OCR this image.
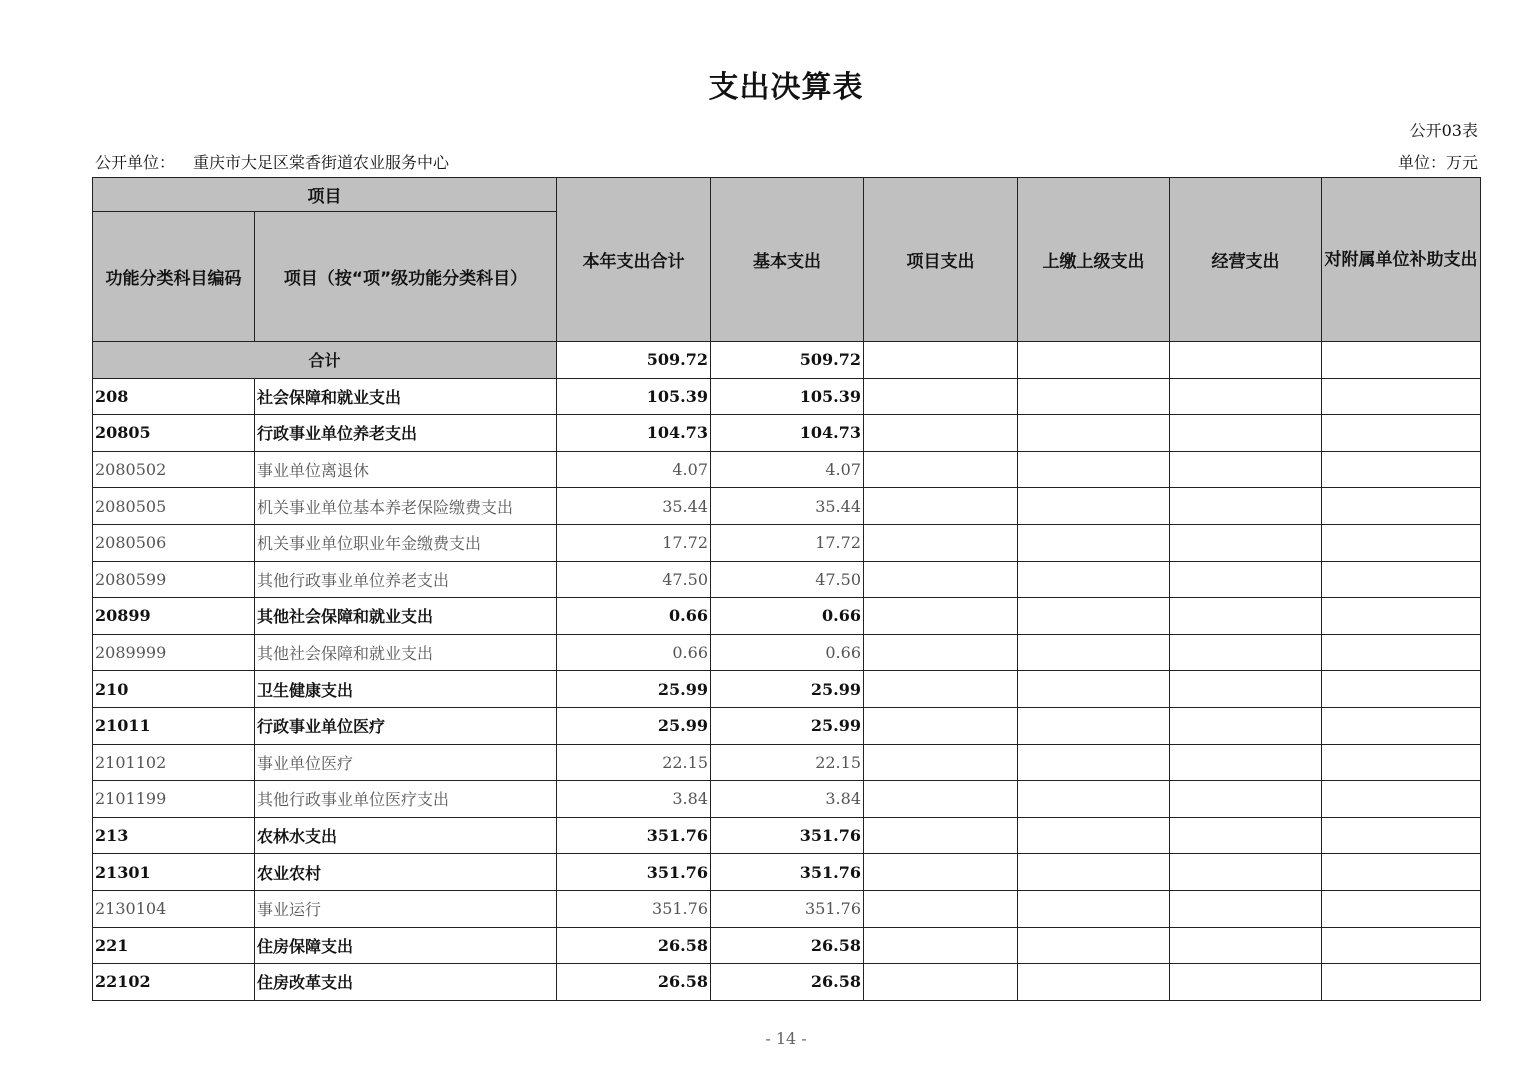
支出决算表
公开03表
公开单位： 重庆市大足区棠香街道农业服务中心	单位：万元
项目		本年支出合计	基本支出	项目支出	上缴上级支出	经营支出	对附属单位补助支出
功能分类科目编码	项目（按“项”级功能分类科目）						
合计		509.72	509.72				
208	社会保障和就业支出	105.39	105.39				
20805	行政事业单位养老支出	104.73	104.73				
2080502	事业单位离退休	4.07	4.07				
2080505	机关事业单位基本养老保险缴费支出	35.44	35.44				
2080506	机关事业单位职业年金缴费支出	17.72	17.72				
2080599	其他行政事业单位养老支出	47.50	47.50				
20899	其他社会保障和就业支出	0.66	0.66				
2089999	其他社会保障和就业支出	0.66	0.66				
210	卫生健康支出	25.99	25.99				
21011	行政事业单位医疗	25.99	25.99				
2101102	事业单位医疗	22.15	22.15				
2101199	其他行政事业单位医疗支出	3.84	3.84				
213	农林水支出	351.76	351.76				
21301	农业农村	351.76	351.76				
2130104	事业运行	351.76	351.76				
221	住房保障支出	26.58	26.58				
22102	住房改革支出	26.58	26.58				
- 14 -
